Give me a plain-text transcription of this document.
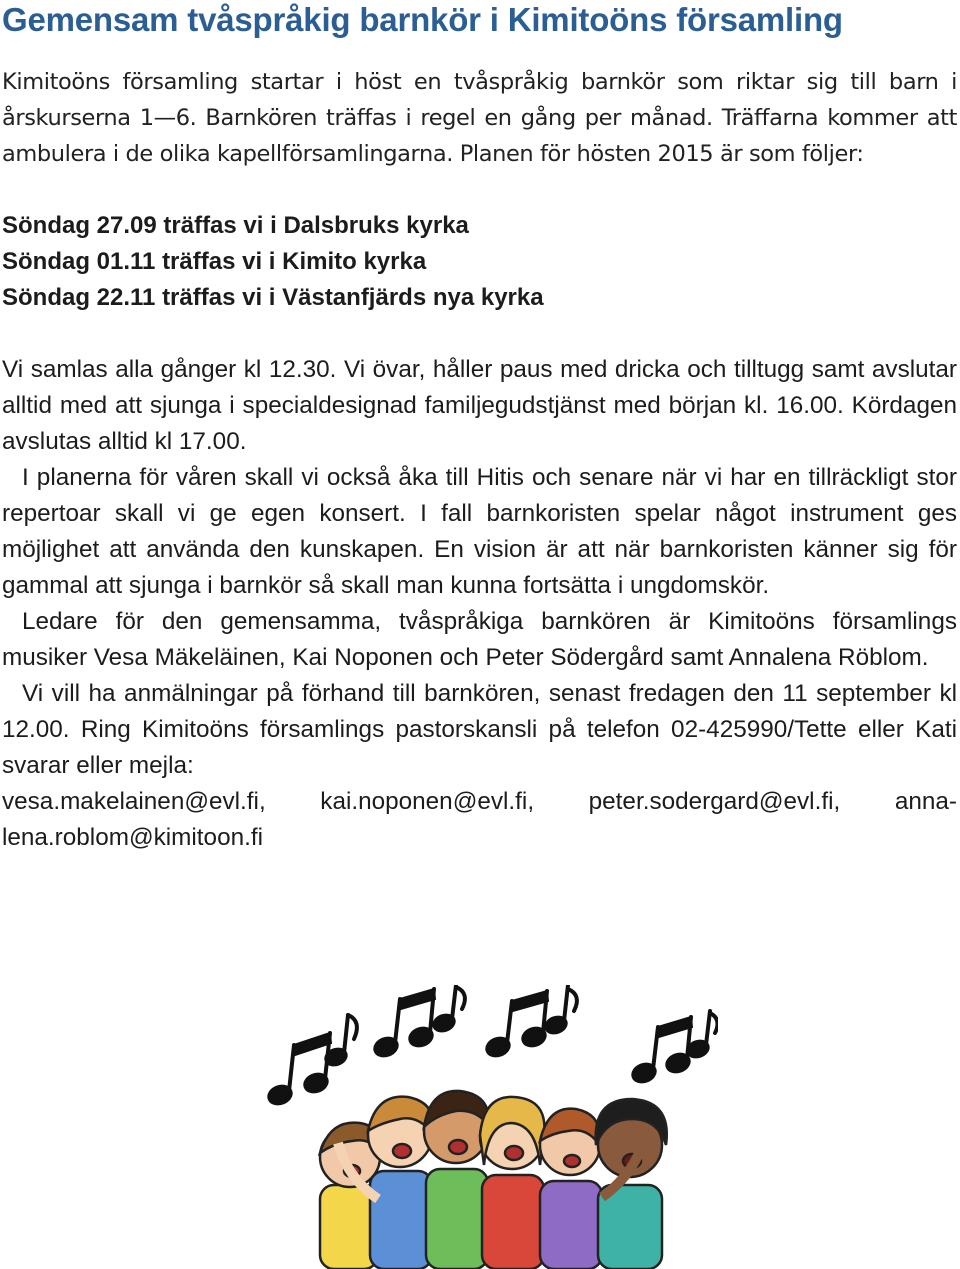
Gemensam tvåspråkig barnkör i Kimitoöns församling

Kimitoöns församling startar i höst en tvåspråkig barnkör som riktar sig till barn i årskurserna 1—6. Barnkören träffas i regel en gång per månad. Träffarna kommer att ambulera i de olika kapellförsamlingarna. Planen för hösten 2015 är som följer:

Söndag 27.09 träffas vi i Dalsbruks kyrka
Söndag 01.11 träffas vi i Kimito kyrka
Söndag 22.11 träffas vi i Västanfjärds nya kyrka

Vi samlas alla gånger kl 12.30. Vi övar, håller paus med dricka och tilltugg samt avslutar alltid med att sjunga i specialdesignad familjegudstjänst med början kl. 16.00. Kördagen avslutas alltid kl 17.00.

I planerna för våren skall vi också åka till Hitis och senare när vi har en tillräckligt stor repertoar skall vi ge egen konsert. I fall barnkoristen spelar något instrument ges möjlighet att använda den kunskapen. En vision är att när barnkoristen känner sig för gammal att sjunga i barnkör så skall man kunna fortsätta i ungdomskör.

Ledare för den gemensamma, tvåspråkiga barnkören är Kimitoöns församlings musiker Vesa Mäkeläinen, Kai Noponen och Peter Södergård samt Annalena Röblom.

Vi vill ha anmälningar på förhand till barnkören, senast fredagen den 11 september kl 12.00. Ring Kimitoöns församlings pastorskansli på telefon 02-425990/Tette eller Kati svarar eller mejla:

vesa.makelainen@evl.fi, kai.noponen@evl.fi, peter.sodergard@evl.fi, anna-
lena.roblom@kimitoon.fi
